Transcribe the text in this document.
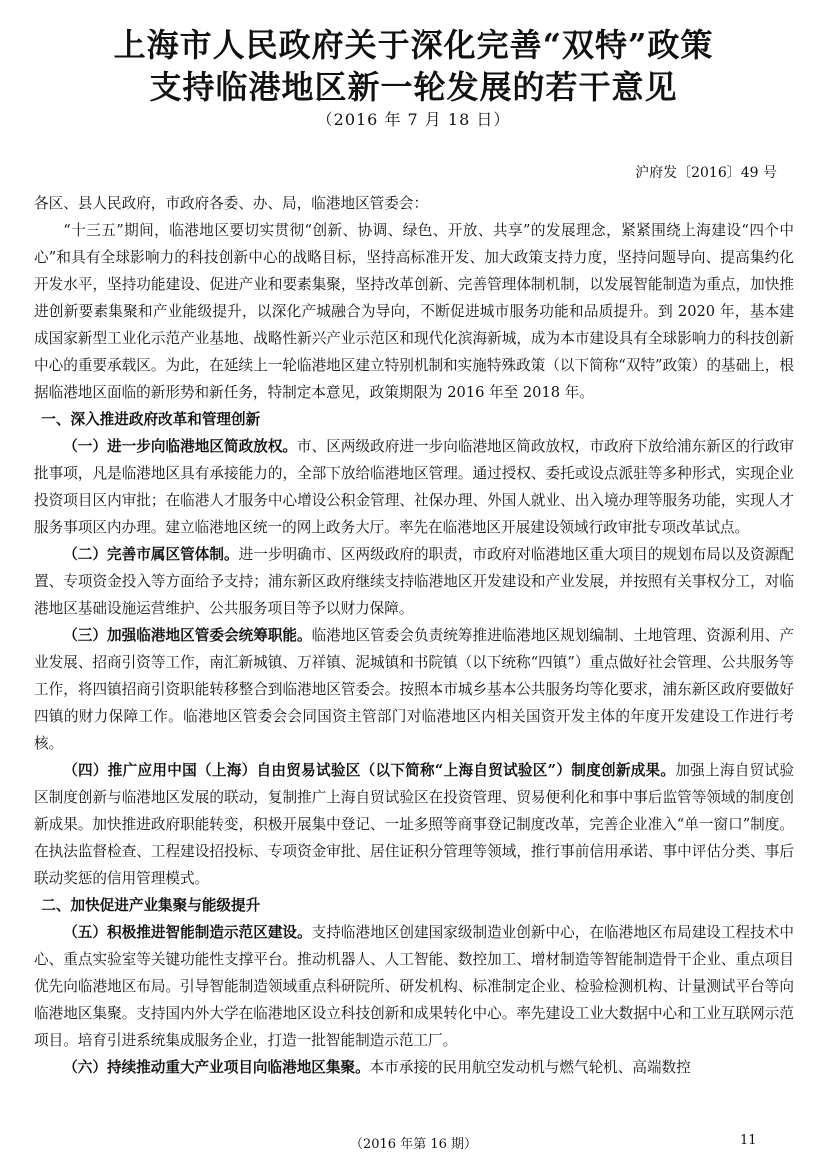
上海市人民政府关于深化完善“双特”政策
支持临港地区新一轮发展的若干意见
（2016 年 7 月 18 日）
沪府发〔2016〕49 号

各区、县人民政府，市政府各委、办、局，临港地区管委会：

“十三五”期间，临港地区要切实贯彻“创新、协调、绿色、开放、共享”的发展理念，紧紧围绕上海建设“四个中心”和具有全球影响力的科技创新中心的战略目标，坚持高标准开发、加大政策支持力度，坚持问题导向、提高集约化开发水平，坚持功能建设、促进产业和要素集聚，坚持改革创新、完善管理体制机制，以发展智能制造为重点，加快推进创新要素集聚和产业能级提升，以深化产城融合为导向，不断促进城市服务功能和品质提升。到 2020 年，基本建成国家新型工业化示范产业基地、战略性新兴产业示范区和现代化滨海新城，成为本市建设具有全球影响力的科技创新中心的重要承载区。为此，在延续上一轮临港地区建立特别机制和实施特殊政策（以下简称“双特”政策）的基础上，根据临港地区面临的新形势和新任务，特制定本意见，政策期限为 2016 年至 2018 年。

一、深入推进政府改革和管理创新

（一）进一步向临港地区简政放权。市、区两级政府进一步向临港地区简政放权，市政府下放给浦东新区的行政审批事项，凡是临港地区具有承接能力的，全部下放给临港地区管理。通过授权、委托或设点派驻等多种形式，实现企业投资项目区内审批；在临港人才服务中心增设公积金管理、社保办理、外国人就业、出入境办理等服务功能，实现人才服务事项区内办理。建立临港地区统一的网上政务大厅。率先在临港地区开展建设领域行政审批专项改革试点。

（二）完善市属区管体制。进一步明确市、区两级政府的职责，市政府对临港地区重大项目的规划布局以及资源配置、专项资金投入等方面给予支持；浦东新区政府继续支持临港地区开发建设和产业发展，并按照有关事权分工，对临港地区基础设施运营维护、公共服务项目等予以财力保障。

（三）加强临港地区管委会统筹职能。临港地区管委会负责统筹推进临港地区规划编制、土地管理、资源利用、产业发展、招商引资等工作，南汇新城镇、万祥镇、泥城镇和书院镇（以下统称“四镇”）重点做好社会管理、公共服务等工作，将四镇招商引资职能转移整合到临港地区管委会。按照本市城乡基本公共服务均等化要求，浦东新区政府要做好四镇的财力保障工作。临港地区管委会会同国资主管部门对临港地区内相关国资开发主体的年度开发建设工作进行考核。

（四）推广应用中国（上海）自由贸易试验区（以下简称“上海自贸试验区”）制度创新成果。加强上海自贸试验区制度创新与临港地区发展的联动，复制推广上海自贸试验区在投资管理、贸易便利化和事中事后监管等领域的制度创新成果。加快推进政府职能转变，积极开展集中登记、一址多照等商事登记制度改革，完善企业准入“单一窗口”制度。在执法监督检查、工程建设招投标、专项资金审批、居住证积分管理等领域，推行事前信用承诺、事中评估分类、事后联动奖惩的信用管理模式。

二、加快促进产业集聚与能级提升

（五）积极推进智能制造示范区建设。支持临港地区创建国家级制造业创新中心，在临港地区布局建设工程技术中心、重点实验室等关键功能性支撑平台。推动机器人、人工智能、数控加工、增材制造等智能制造骨干企业、重点项目优先向临港地区布局。引导智能制造领域重点科研院所、研发机构、标准制定企业、检验检测机构、计量测试平台等向临港地区集聚。支持国内外大学在临港地区设立科技创新和成果转化中心。率先建设工业大数据中心和工业互联网示范项目。培育引进系统集成服务企业，打造一批智能制造示范工厂。

（六）持续推动重大产业项目向临港地区集聚。本市承接的民用航空发动机与燃气轮机、高端数控

（2016 年第 16 期）	11
